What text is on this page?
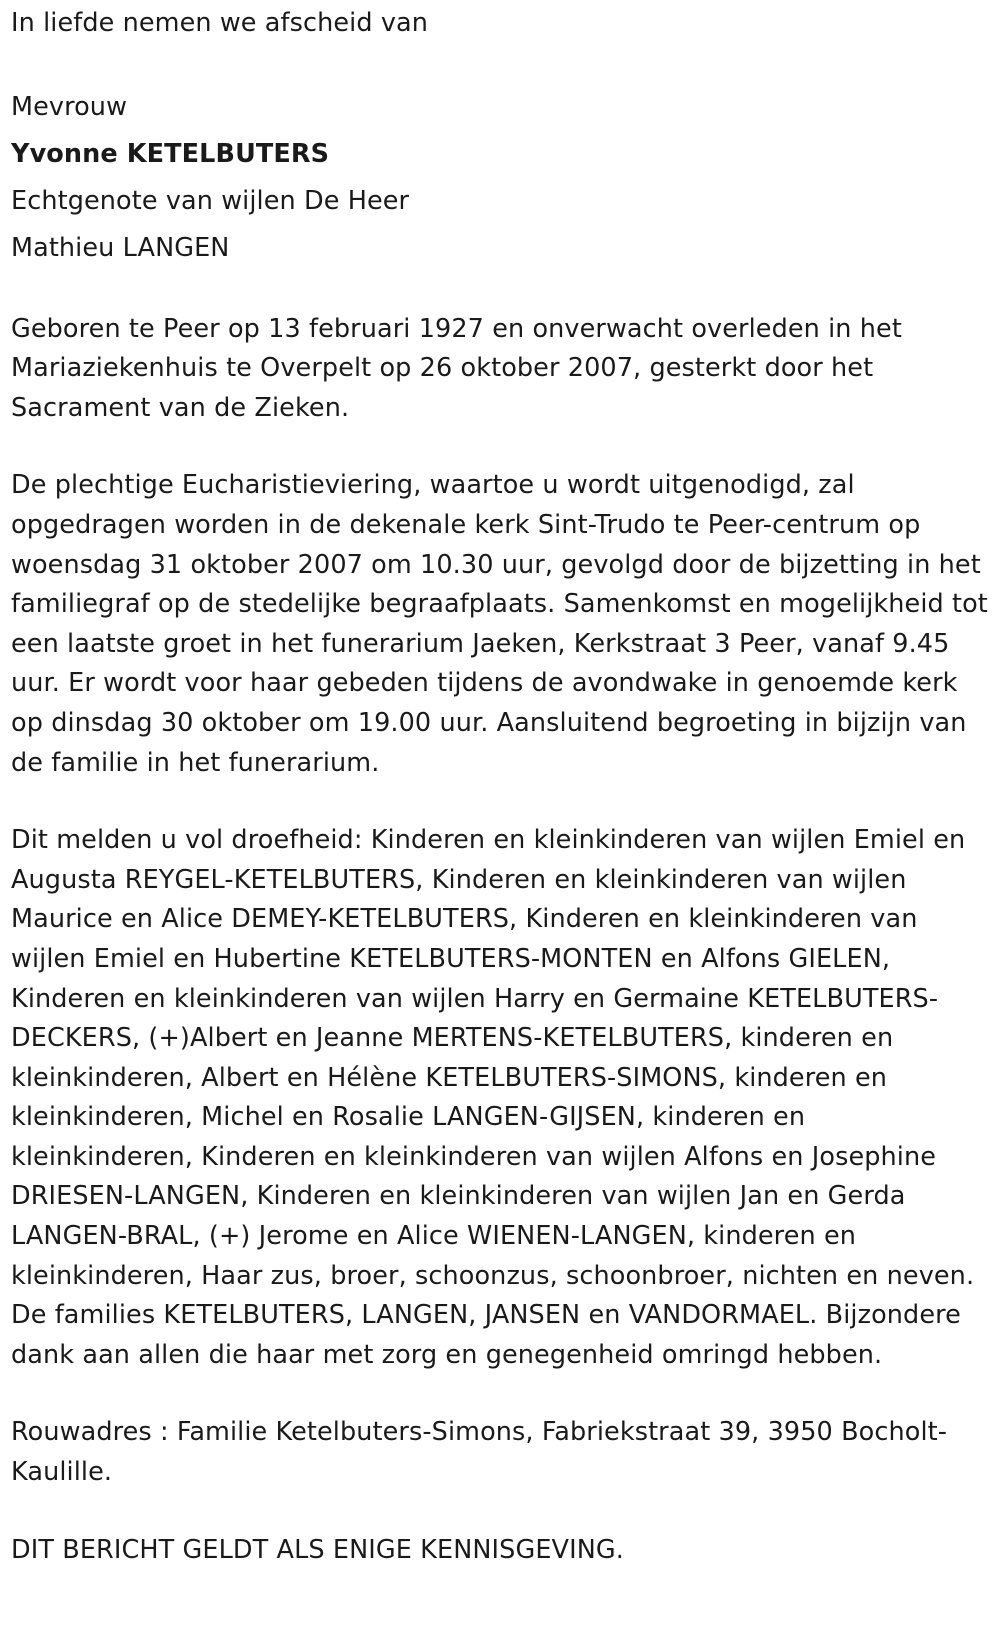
In liefde nemen we afscheid van

Mevrouw

Yvonne KETELBUTERS

Echtgenote van wijlen De Heer

Mathieu LANGEN

Geboren te Peer op 13 februari 1927 en onverwacht overleden in het Mariaziekenhuis te Overpelt op 26 oktober 2007, gesterkt door het Sacrament van de Zieken.

De plechtige Eucharistieviering, waartoe u wordt uitgenodigd, zal opgedragen worden in de dekenale kerk Sint-Trudo te Peer-centrum op woensdag 31 oktober 2007 om 10.30 uur, gevolgd door de bijzetting in het familiegraf op de stedelijke begraafplaats. Samenkomst en mogelijkheid tot een laatste groet in het funerarium Jaeken, Kerkstraat 3 Peer, vanaf 9.45 uur. Er wordt voor haar gebeden tijdens de avondwake in genoemde kerk op dinsdag 30 oktober om 19.00 uur. Aansluitend begroeting in bijzijn van de familie in het funerarium.

Dit melden u vol droefheid: Kinderen en kleinkinderen van wijlen Emiel en Augusta REYGEL-KETELBUTERS, Kinderen en kleinkinderen van wijlen Maurice en Alice DEMEY-KETELBUTERS, Kinderen en kleinkinderen van wijlen Emiel en Hubertine KETELBUTERS-MONTEN en Alfons GIELEN, Kinderen en kleinkinderen van wijlen Harry en Germaine KETELBUTERS-DECKERS, (+)Albert en Jeanne MERTENS-KETELBUTERS, kinderen en kleinkinderen, Albert en Hélène KETELBUTERS-SIMONS, kinderen en kleinkinderen, Michel en Rosalie LANGEN-GIJSEN, kinderen en kleinkinderen, Kinderen en kleinkinderen van wijlen Alfons en Josephine DRIESEN-LANGEN, Kinderen en kleinkinderen van wijlen Jan en Gerda LANGEN-BRAL, (+) Jerome en Alice WIENEN-LANGEN, kinderen en kleinkinderen, Haar zus, broer, schoonzus, schoonbroer, nichten en neven. De families KETELBUTERS, LANGEN, JANSEN en VANDORMAEL. Bijzondere dank aan allen die haar met zorg en genegenheid omringd hebben.

Rouwadres : Familie Ketelbuters-Simons, Fabriekstraat 39, 3950 Bocholt-Kaulille.

DIT BERICHT GELDT ALS ENIGE KENNISGEVING.
